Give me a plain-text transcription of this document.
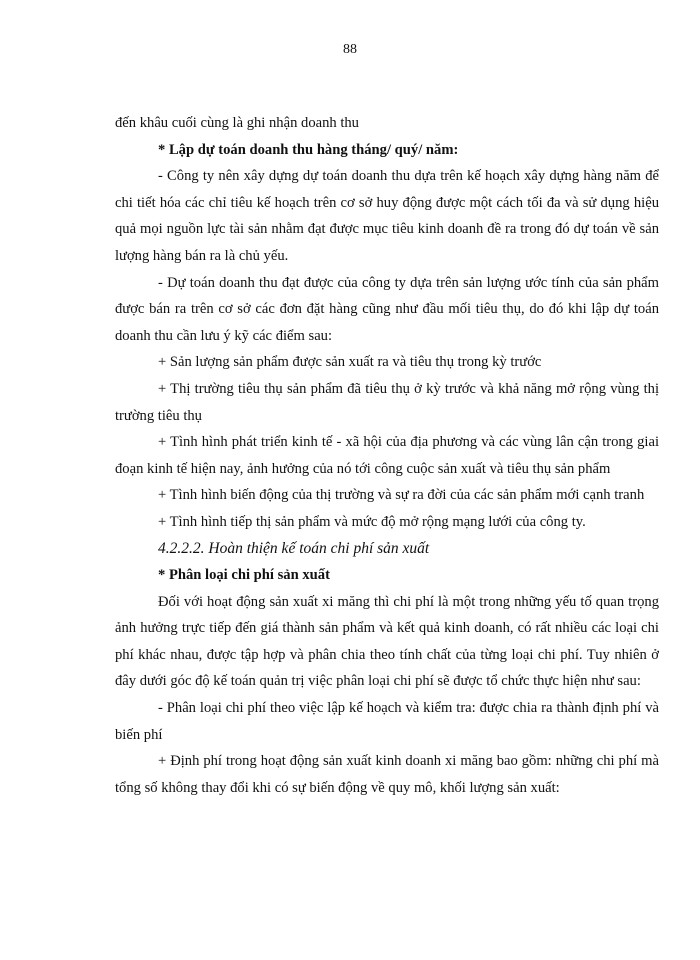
88

đến khâu cuối cùng là ghi nhận doanh thu

* Lập dự toán doanh thu hàng tháng/ quý/ năm:

- Công ty nên xây dựng dự toán doanh thu dựa trên kế hoạch xây dựng hàng năm để chi tiết hóa các chỉ tiêu kế hoạch trên cơ sở huy động được một cách tối đa và sử dụng hiệu quả mọi nguồn lực tài sản nhằm đạt được mục tiêu kinh doanh đề ra trong đó dự toán về sản lượng hàng bán ra là chủ yếu.

- Dự toán doanh thu đạt được của công ty dựa trên sản lượng ước tính của sản phẩm được bán ra trên cơ sở các đơn đặt hàng cũng như đầu mối tiêu thụ, do đó khi lập dự toán doanh thu cần lưu ý kỹ các điểm sau:

+ Sản lượng sản phẩm được sản xuất ra và tiêu thụ trong kỳ trước

+ Thị trường tiêu thụ sản phẩm đã tiêu thụ ở kỳ trước và khả năng mở rộng vùng thị trường tiêu thụ

+ Tình hình phát triển kinh tế - xã hội của địa phương và các vùng lân cận trong giai đoạn kinh tế hiện nay, ảnh hưởng của nó tới công cuộc sản xuất và tiêu thụ sản phẩm

+ Tình hình biến động của thị trường và sự ra đời của các sản phẩm mới cạnh tranh

+ Tình hình tiếp thị sản phẩm và mức độ mở rộng mạng lưới của công ty.

4.2.2.2. Hoàn thiện kế toán chi phí sản xuất

* Phân loại chi phí sản xuất

Đối với hoạt động sản xuất xi măng thì chi phí là một trong những yếu tố quan trọng ảnh hưởng trực tiếp đến giá thành sản phẩm và kết quả kinh doanh, có rất nhiều các loại chi phí khác nhau, được tập hợp và phân chia theo tính chất của từng loại chi phí. Tuy nhiên ở đây dưới góc độ kế toán quản trị việc phân loại chi phí sẽ được tổ chức thực hiện như sau:

- Phân loại chi phí theo việc lập kế hoạch và kiểm tra: được chia ra thành định phí và biến phí

+ Định phí trong hoạt động sản xuất kinh doanh xi măng bao gồm: những chi phí mà tổng số không thay đổi khi có sự biến động về quy mô, khối lượng sản xuất:
